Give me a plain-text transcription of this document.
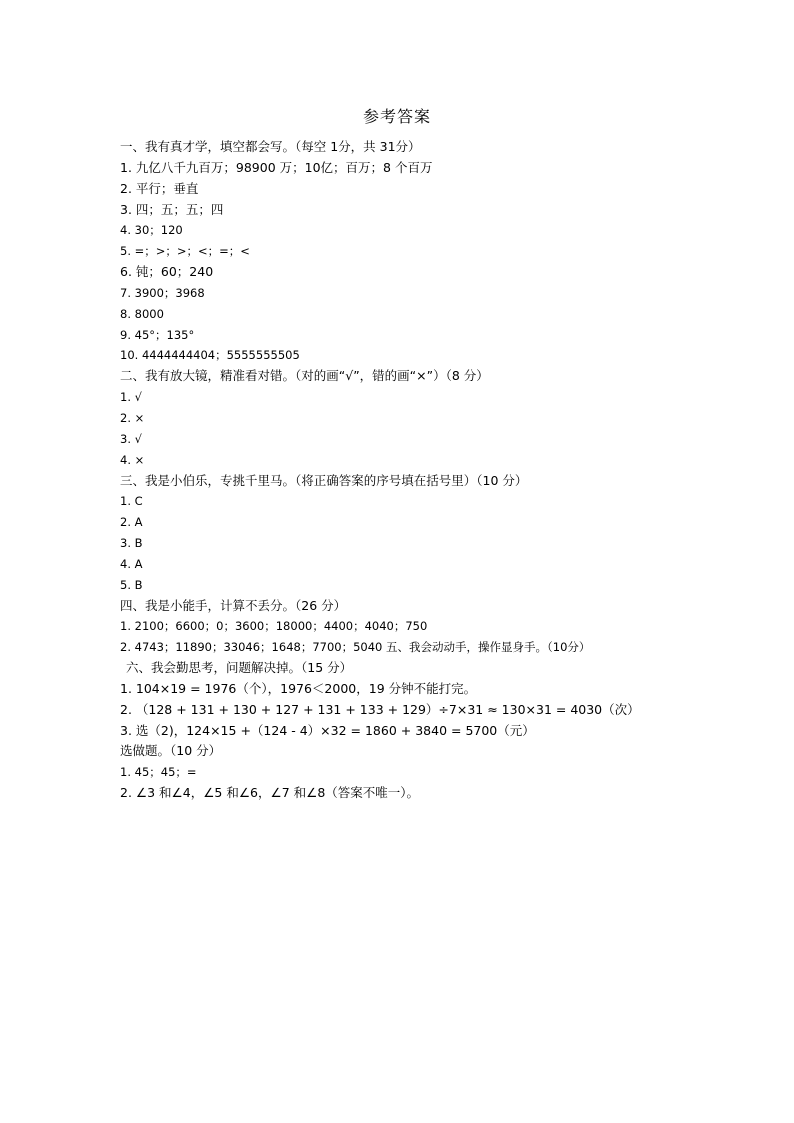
参考答案
一、我有真才学，填空都会写。（每空 1分，共 31分）
1. 九亿八千九百万；98900 万；10亿；百万；8 个百万
2. 平行；垂直
3. 四；五；五；四
4. 30；120
5. =；>；>；<；=；<
6. 钝；60；240
7. 3900；3968
8. 8000
9. 45°；135°
10. 4444444404；5555555505
二、我有放大镜，精准看对错。（对的画“√”，错的画“×”）（8 分）
1. √
2. ×
3. √
4. ×
三、我是小伯乐，专挑千里马。（将正确答案的序号填在括号里）（10 分）
1. C
2. A
3. B
4. A
5. B
四、我是小能手，计算不丢分。（26 分）
1. 2100；6600；0；3600；18000；4400；4040；750
2. 4743；11890；33046；1648；7700；5040 五、我会动动手，操作显身手。（10分）
六、我会勤思考，问题解决掉。（15 分）
1. 104×19 = 1976（个），1976＜2000，19 分钟不能打完。
2. （128 + 131 + 130 + 127 + 131 + 133 + 129）÷7×31 ≈ 130×31 = 4030（次）
3. 选（2)，124×15 +（124 - 4）×32 = 1860 + 3840 = 5700（元）
选做题。（10 分）
1. 45；45；=
2. ∠3 和∠4，∠5 和∠6，∠7 和∠8（答案不唯一）。
